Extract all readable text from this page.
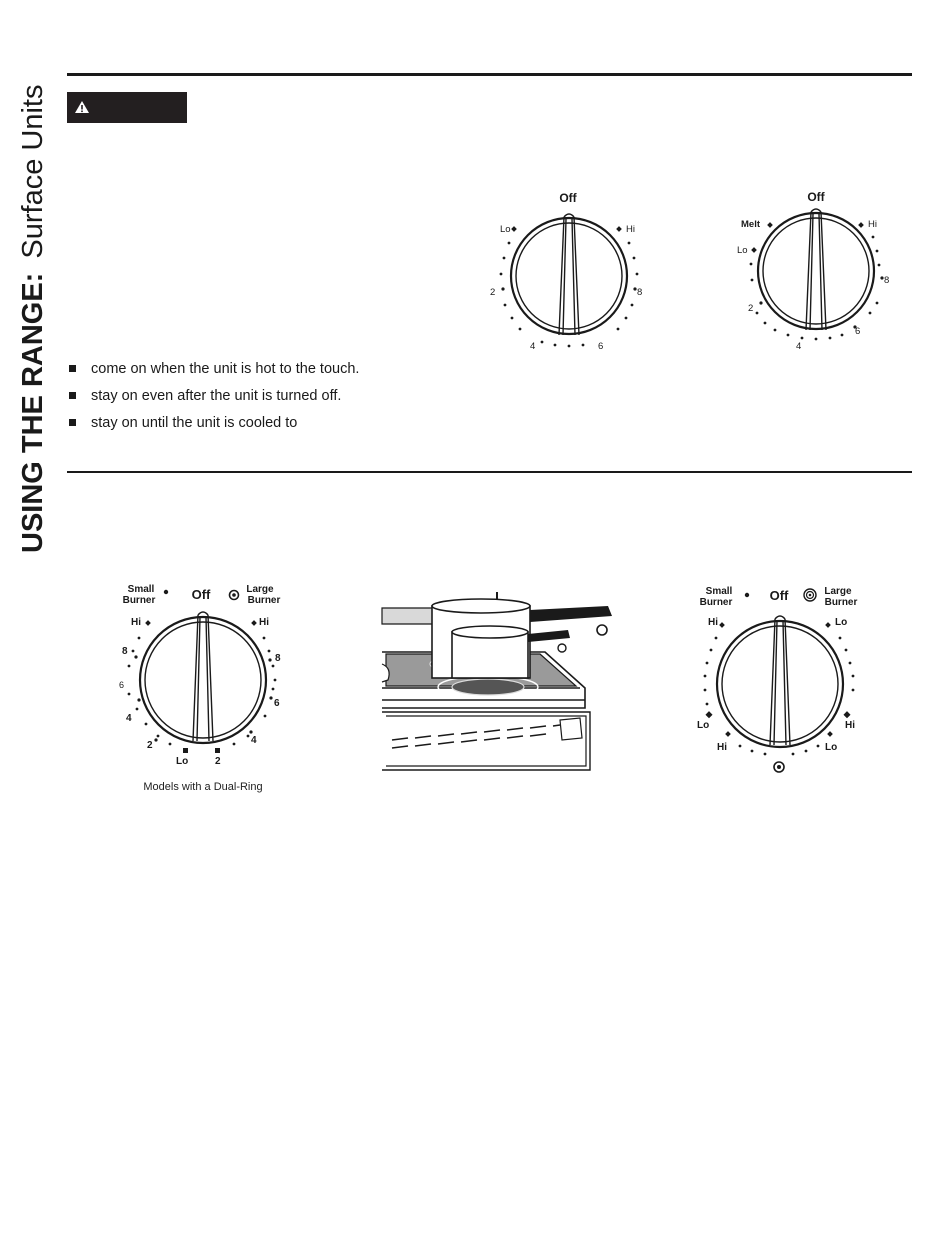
USING THE RANGE: Surface Units	Off
Lo	Hi
2	8
4	6
Off
Melt
Lo
Hi
2
8
4
6
come on when the unit is hot to the touch.
stay on even after the unit is turned off.
stay on until the unit is cooled to
Small
Burner
Large
Burner
Off
Hi	Hi
8
6
4
2
Lo	2
8
6
4
Models with a Dual-Ring
Small
Burner
Large
Burner
Off
Hi	Lo
Lo
Hi
Hi
Lo
